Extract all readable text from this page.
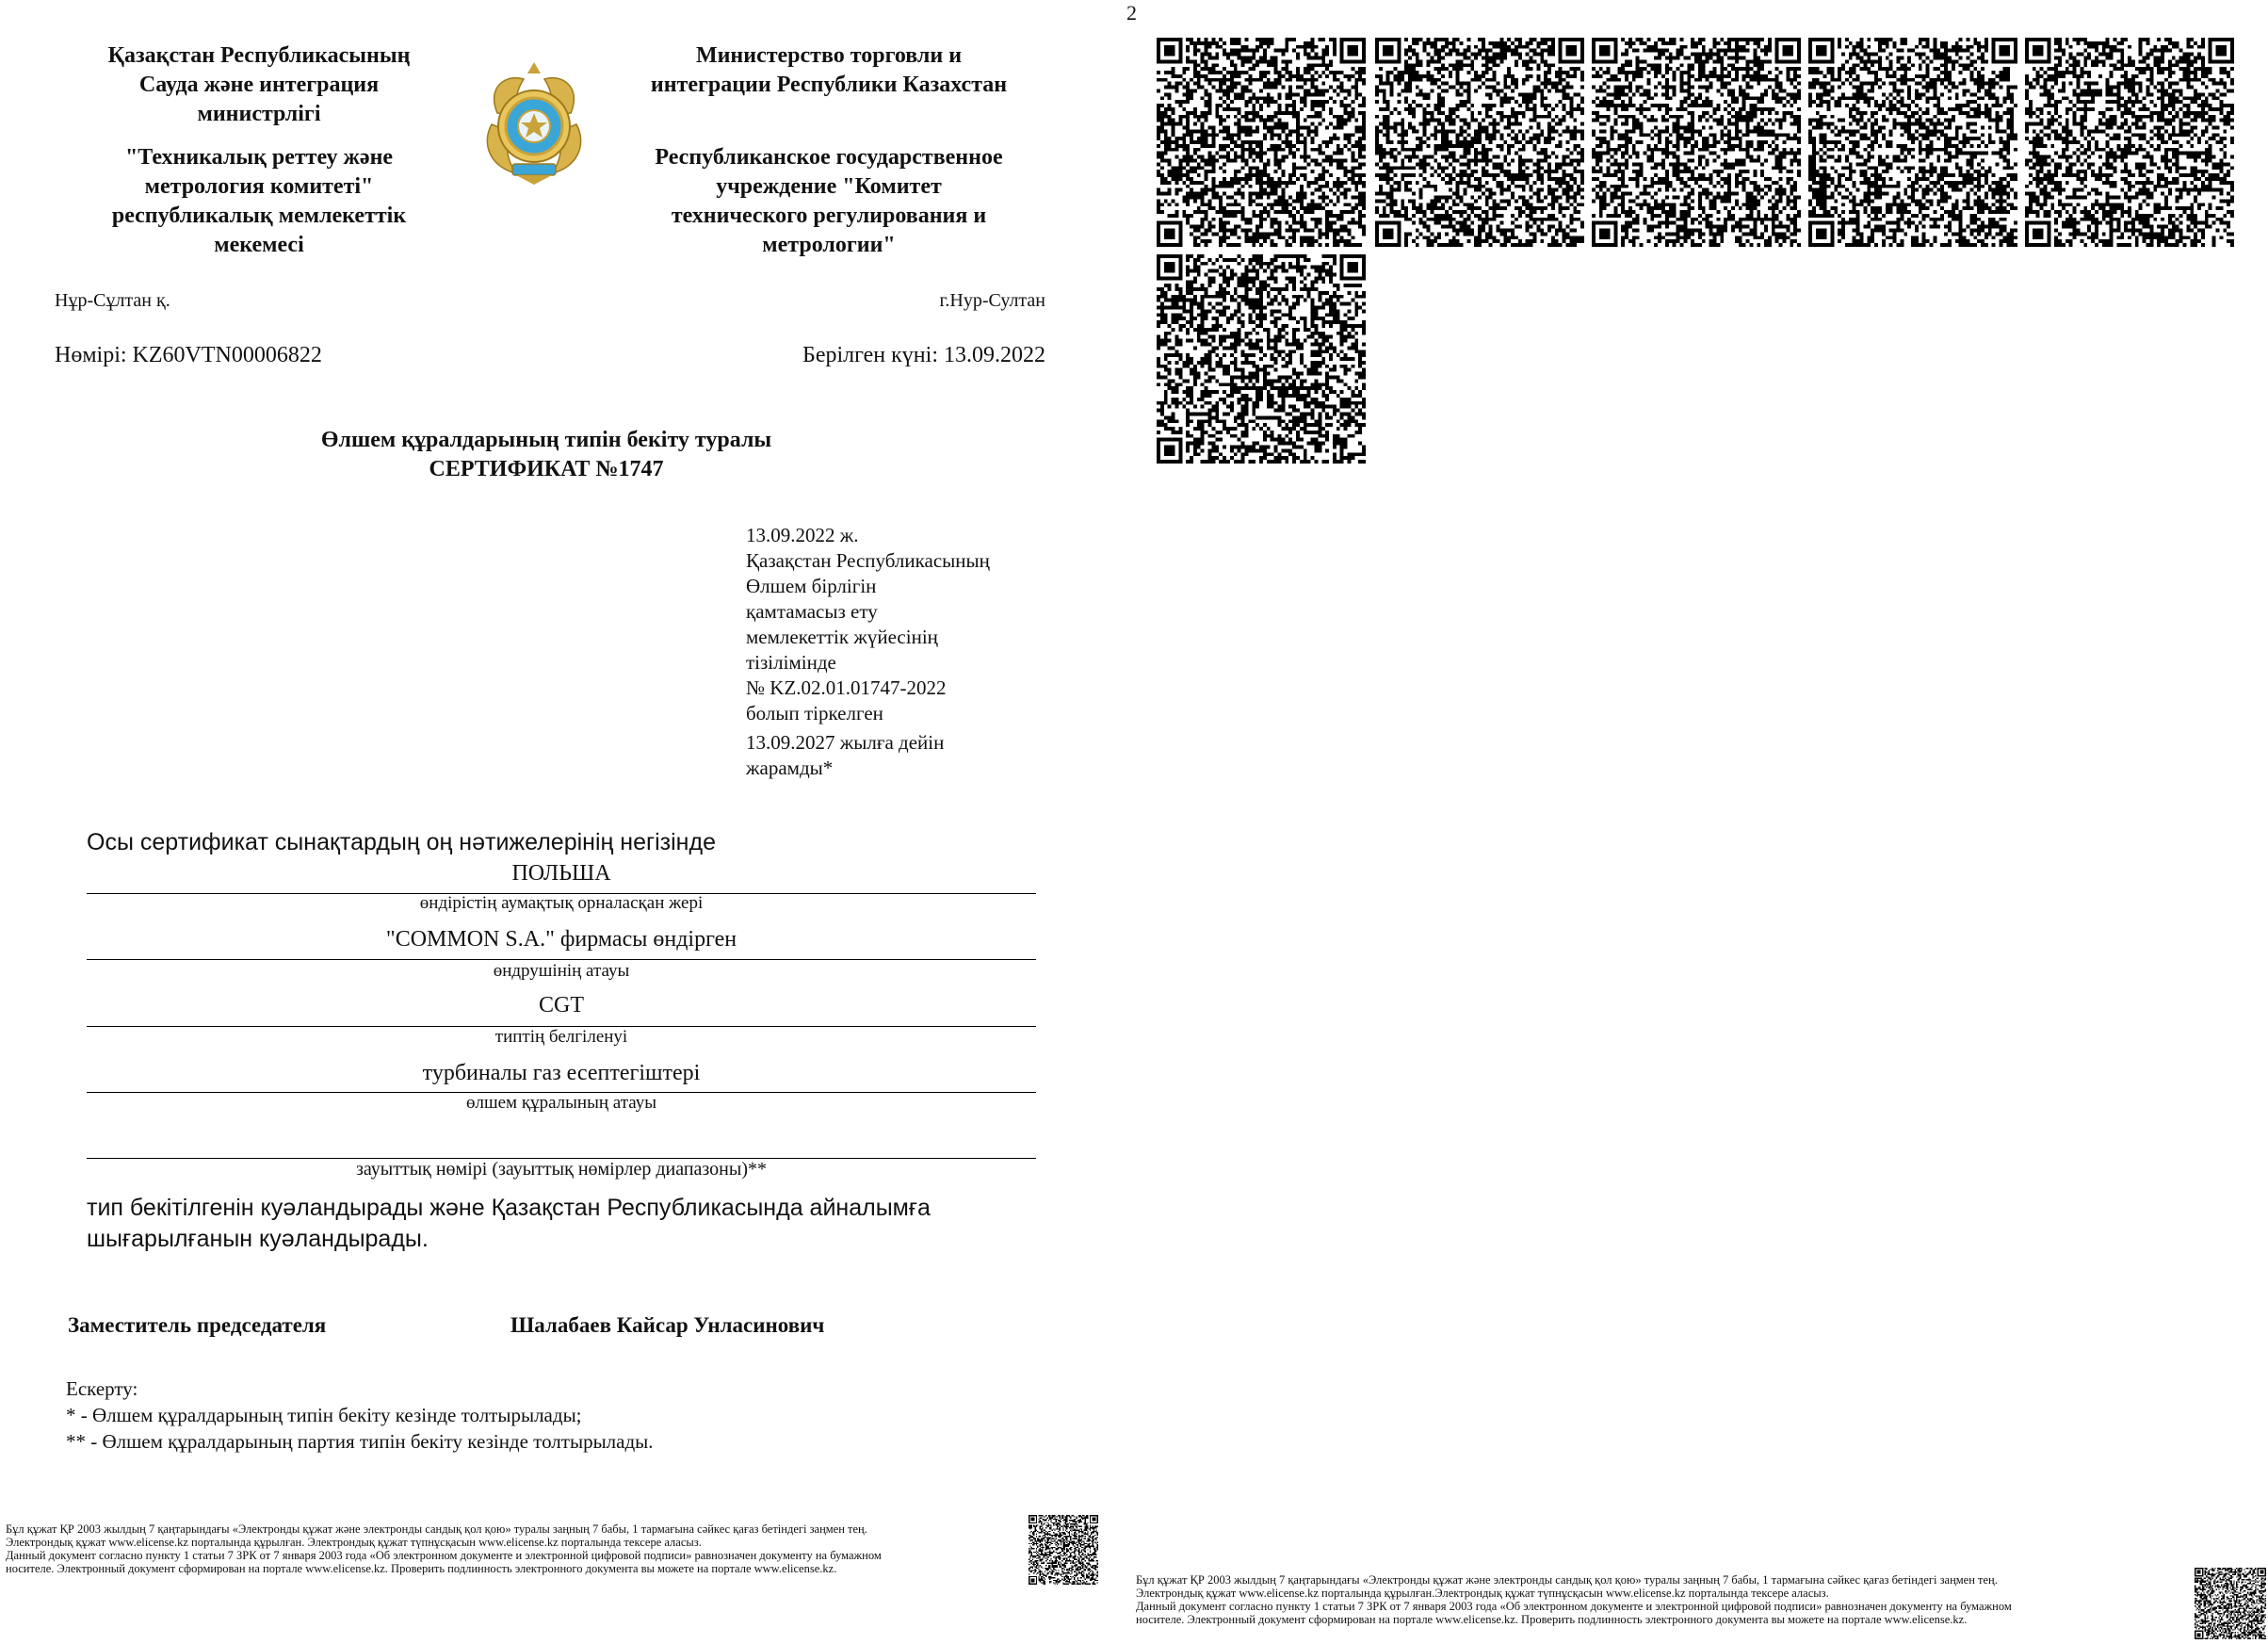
2
Қазақстан Республикасының
Сауда және интеграция
министрлігі
"Техникалық реттеу және
метрология комитеті"
республикалық мемлекеттік
мекемесі
Министерство торговли и
интеграции Республики Казахстан
Республиканское государственное
учреждение "Комитет
технического регулирования и
метрологии"
Нұр-Сұлтан қ.	г.Нур-Султан
Нөмірі: KZ60VTN00006822	Берілген күні: 13.09.2022
Өлшем құралдарының типін бекіту туралы
СЕРТИФИКАТ №1747
13.09.2022 ж.
Қазақстан Республикасының
Өлшем бірлігін
қамтамасыз ету
мемлекеттік жүйесінің
тізілімінде
№ KZ.02.01.01747-2022
болып тіркелген
13.09.2027 жылға дейін
жарамды*
Осы сертификат сынақтардың оң нәтижелерінің негізінде
ПОЛЬША
өндірістің аумақтық орналасқан жері
"COMMON S.A." фирмасы өндірген
өндрушінің атауы
CGT
типтің белгіленуі
турбиналы газ есептегіштері
өлшем құралының атауы
зауыттық нөмірі (зауыттық нөмірлер диапазоны)**
тип бекітілгенін куәландырады және Қазақстан Республикасында айналымға
шығарылғанын куәландырады.
Заместитель председателя	Шалабаев Кайсар Унласинович
Ескерту:
* - Өлшем құралдарының типін бекіту кезінде толтырылады;
** - Өлшем құралдарының партия типін бекіту кезінде толтырылады.
Бұл құжат ҚР 2003 жылдың 7 қаңтарындағы «Электронды құжат және электронды сандық қол қою» туралы заңның 7 бабы, 1 тармағына сәйкес қағаз бетіндегі заңмен тең.
Электрондық құжат www.elicense.kz порталында құрылған. Электрондық құжат түпнұсқасын www.elicense.kz порталында тексере аласыз.
Данный документ согласно пункту 1 статьи 7 ЗРК от 7 января 2003 года «Об электронном документе и электронной цифровой подписи» равнозначен документу на бумажном
носителе. Электронный документ сформирован на портале www.elicense.kz. Проверить подлинность электронного документа вы можете на портале www.elicense.kz.
Бұл құжат ҚР 2003 жылдың 7 қаңтарындағы «Электронды құжат және электронды сандық қол қою» туралы заңның 7 бабы, 1 тармағына сәйкес қағаз бетіндегі заңмен тең.
Электрондық құжат www.elicense.kz порталында құрылған.Электрондық құжат түпнұсқасын www.elicense.kz порталында тексере аласыз.
Данный документ согласно пункту 1 статьи 7 ЗРК от 7 января 2003 года «Об электронном документе и электронной цифровой подписи» равнозначен документу на бумажном
носителе. Электронный документ сформирован на портале www.elicense.kz. Проверить подлинность электронного документа вы можете на портале www.elicense.kz.
